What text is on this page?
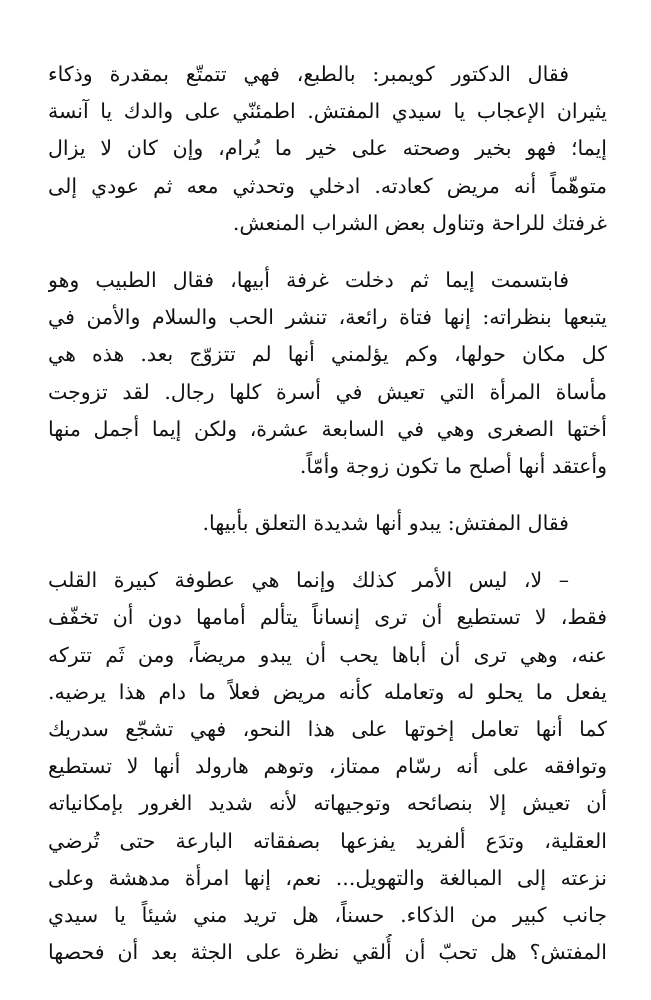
فقال الدكتور كويمبر: بالطبع، فهي تتمتّع بمقدرة وذكاء
يثيران الإعجاب يا سيدي المفتش. اطمئنّي على والدك يا آنسة
إيما؛ فهو بخير وصحته على خير ما يُرام، وإن كان لا يزال
متوهّماً أنه مريض كعادته. ادخلي وتحدثي معه ثم عودي إلى
غرفتك للراحة وتناول بعض الشراب المنعش.
فابتسمت إيما ثم دخلت غرفة أبيها، فقال الطبيب وهو
يتبعها بنظراته: إنها فتاة رائعة، تنشر الحب والسلام والأمن في
كل مكان حولها، وكم يؤلمني أنها لم تتزوّج بعد. هذه هي
مأساة المرأة التي تعيش في أسرة كلها رجال. لقد تزوجت
أختها الصغرى وهي في السابعة عشرة، ولكن إيما أجمل منها
وأعتقد أنها أصلح ما تكون زوجة وأمّاً.
فقال المفتش: يبدو أنها شديدة التعلق بأبيها.
– لا، ليس الأمر كذلك وإنما هي عطوفة كبيرة القلب
فقط، لا تستطيع أن ترى إنساناً يتألم أمامها دون أن تخفّف
عنه، وهي ترى أن أباها يحب أن يبدو مريضاً، ومن ثَم تتركه
يفعل ما يحلو له وتعامله كأنه مريض فعلاً ما دام هذا يرضيه.
كما أنها تعامل إخوتها على هذا النحو، فهي تشجّع سدريك
وتوافقه على أنه رسّام ممتاز، وتوهم هارولد أنها لا تستطيع
أن تعيش إلا بنصائحه وتوجيهاته لأنه شديد الغرور بإمكانياته
العقلية، وتدَع ألفريد يفزعها بصفقاته البارعة حتى تُرضي
نزعته إلى المبالغة والتهويل... نعم، إنها امرأة مدهشة وعلى
جانب كبير من الذكاء. حسناً، هل تريد مني شيئاً يا سيدي
المفتش؟ هل تحبّ أن أُلقي نظرة على الجثة بعد أن فحصها
